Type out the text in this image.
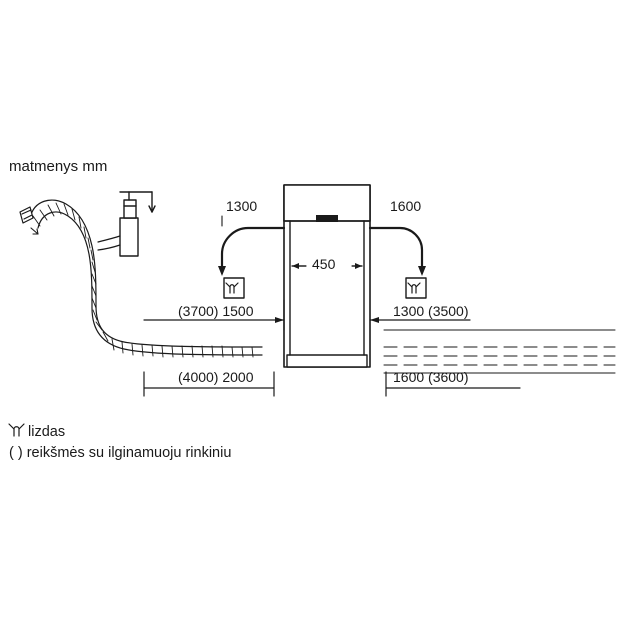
matmenys mm
1300	1600
450
(3700) 1500	1300 (3500)
(4000) 2000	1600 (3600)
lizdas
( ) reikšmės su ilginamuoju rinkiniu
